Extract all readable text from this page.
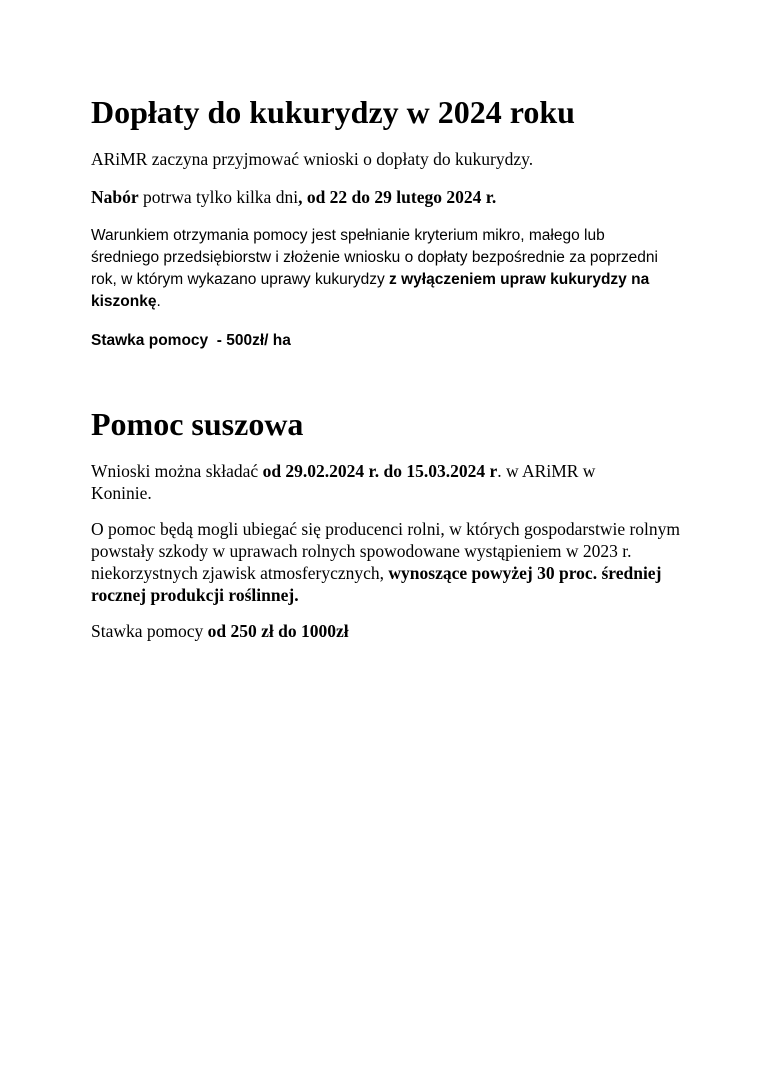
Dopłaty do kukurydzy w 2024 roku

ARiMR zaczyna przyjmować wnioski o dopłaty do kukurydzy.

Nabór potrwa tylko kilka dni, od 22 do 29 lutego 2024 r.

Warunkiem otrzymania pomocy jest spełnianie kryterium mikro, małego lub średniego przedsiębiorstw i złożenie wniosku o dopłaty bezpośrednie za poprzedni rok, w którym wykazano uprawy kukurydzy z wyłączeniem upraw kukurydzy na kiszonkę.

Stawka pomocy  - 500zł/ ha

Pomoc suszowa

Wnioski można składać od 29.02.2024 r. do 15.03.2024 r. w ARiMR w Koninie.

O pomoc będą mogli ubiegać się producenci rolni, w których gospodarstwie rolnym powstały szkody w uprawach rolnych spowodowane wystąpieniem w 2023 r. niekorzystnych zjawisk atmosferycznych, wynoszące powyżej 30 proc. średniej rocznej produkcji roślinnej.

Stawka pomocy od 250 zł do 1000zł
